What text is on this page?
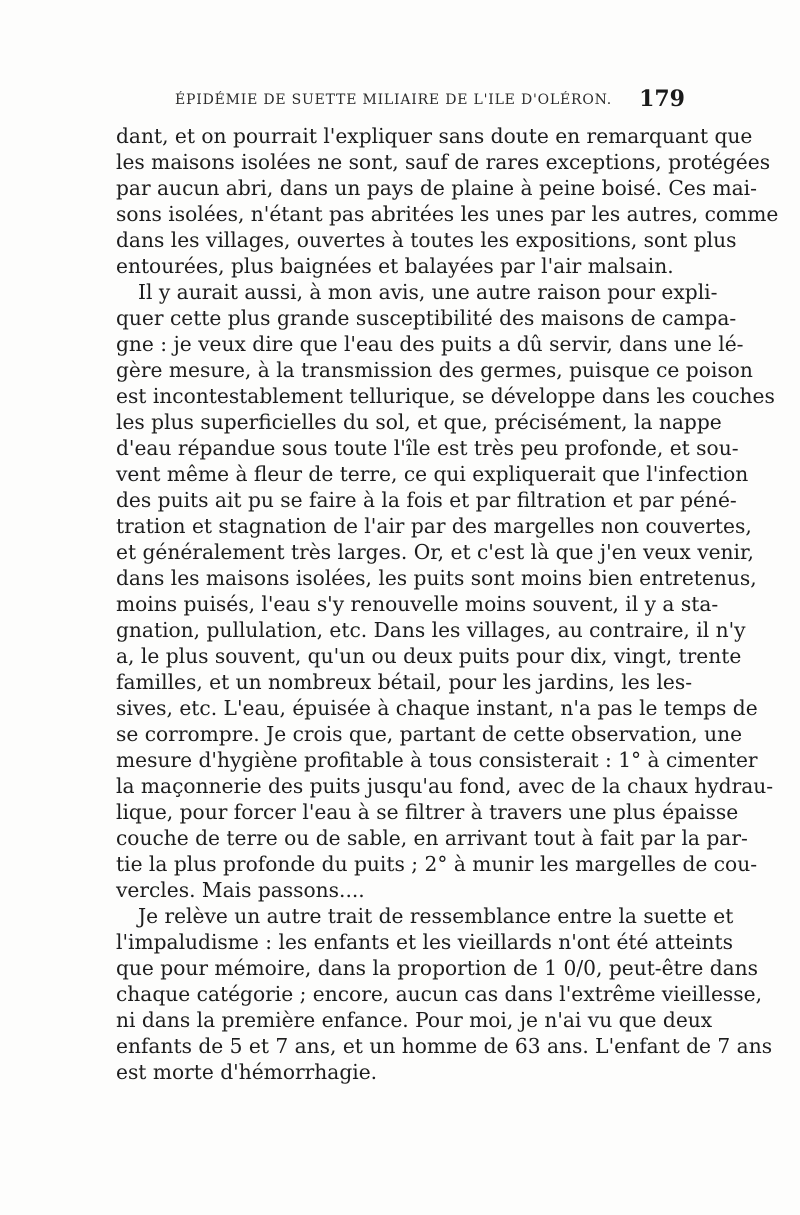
ÉPIDÉMIE DE SUETTE MILIAIRE DE L'ILE D'OLÉRON. 179
dant, et on pourrait l'expliquer sans doute en remarquant que
les maisons isolées ne sont, sauf de rares exceptions, protégées
par aucun abri, dans un pays de plaine à peine boisé. Ces mai-
sons isolées, n'étant pas abritées les unes par les autres, comme
dans les villages, ouvertes à toutes les expositions, sont plus
entourées, plus baignées et balayées par l'air malsain.
Il y aurait aussi, à mon avis, une autre raison pour expli-
quer cette plus grande susceptibilité des maisons de campa-
gne : je veux dire que l'eau des puits a dû servir, dans une lé-
gère mesure, à la transmission des germes, puisque ce poison
est incontestablement tellurique, se développe dans les couches
les plus superficielles du sol, et que, précisément, la nappe
d'eau répandue sous toute l'île est très peu profonde, et sou-
vent même à fleur de terre, ce qui expliquerait que l'infection
des puits ait pu se faire à la fois et par filtration et par péné-
tration et stagnation de l'air par des margelles non couvertes,
et généralement très larges. Or, et c'est là que j'en veux venir,
dans les maisons isolées, les puits sont moins bien entretenus,
moins puisés, l'eau s'y renouvelle moins souvent, il y a sta-
gnation, pullulation, etc. Dans les villages, au contraire, il n'y
a, le plus souvent, qu'un ou deux puits pour dix, vingt, trente
familles, et un nombreux bétail, pour les jardins, les les-
sives, etc. L'eau, épuisée à chaque instant, n'a pas le temps de
se corrompre. Je crois que, partant de cette observation, une
mesure d'hygiène profitable à tous consisterait : 1° à cimenter
la maçonnerie des puits jusqu'au fond, avec de la chaux hydrau-
lique, pour forcer l'eau à se filtrer à travers une plus épaisse
couche de terre ou de sable, en arrivant tout à fait par la par-
tie la plus profonde du puits ; 2° à munir les margelles de cou-
vercles. Mais passons....
Je relève un autre trait de ressemblance entre la suette et
l'impaludisme : les enfants et les vieillards n'ont été atteints
que pour mémoire, dans la proportion de 1 0/0, peut-être dans
chaque catégorie ; encore, aucun cas dans l'extrême vieillesse,
ni dans la première enfance. Pour moi, je n'ai vu que deux
enfants de 5 et 7 ans, et un homme de 63 ans. L'enfant de 7 ans
est morte d'hémorrhagie.
